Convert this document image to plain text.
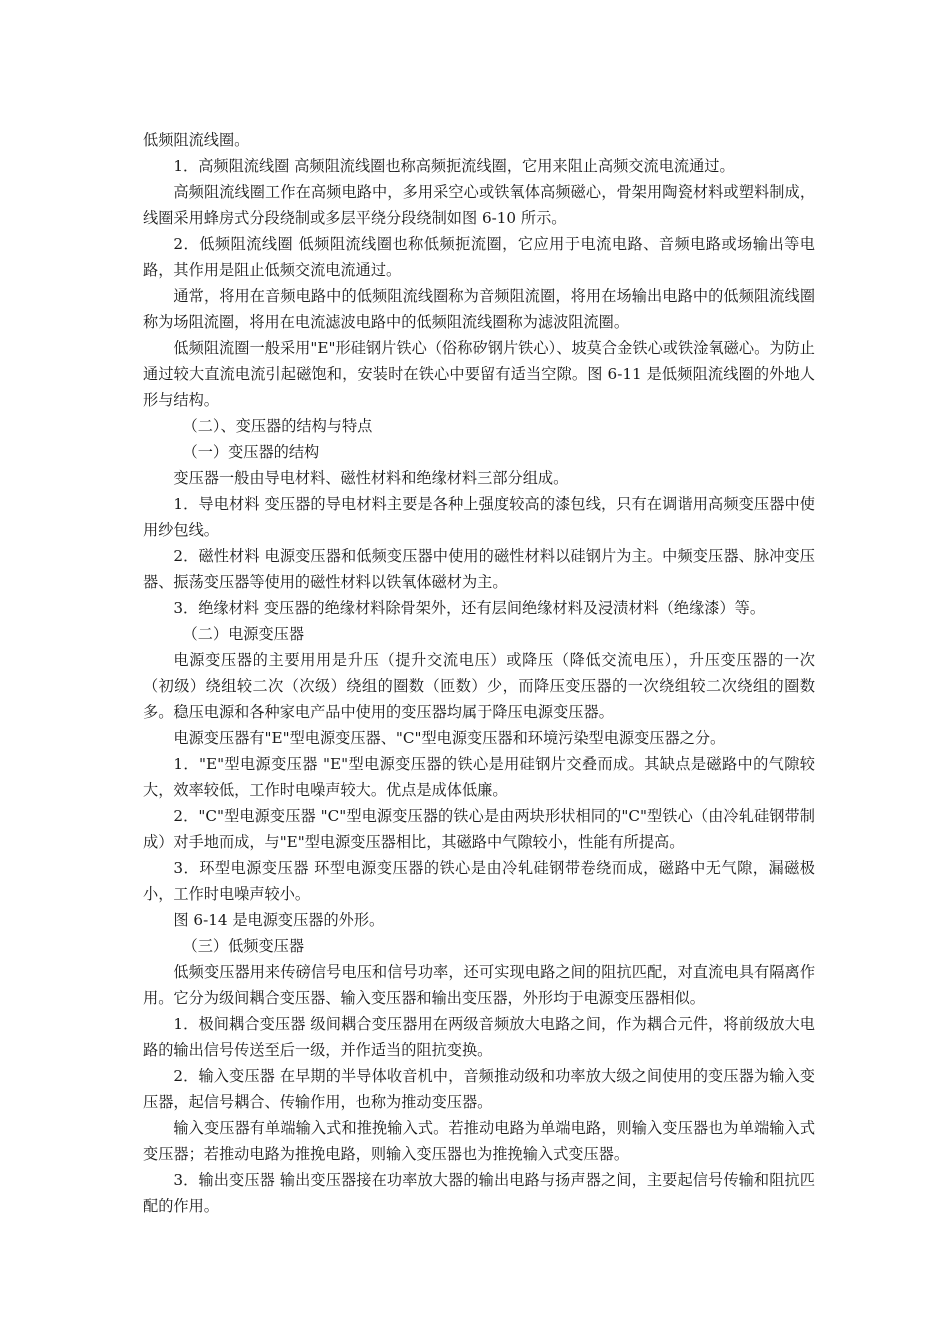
低频阻流线圈。

1．高频阻流线圈 高频阻流线圈也称高频扼流线圈，它用来阻止高频交流电流通过。

高频阻流线圈工作在高频电路中，多用采空心或铁氧体高频磁心，骨架用陶瓷材料或塑料制成，线圈采用蜂房式分段绕制或多层平绕分段绕制如图 6-10 所示。

2．低频阻流线圈 低频阻流线圈也称低频扼流圈，它应用于电流电路、音频电路或场输出等电路，其作用是阻止低频交流电流通过。

通常，将用在音频电路中的低频阻流线圈称为音频阻流圈，将用在场输出电路中的低频阻流线圈称为场阻流圈，将用在电流滤波电路中的低频阻流线圈称为滤波阻流圈。

低频阻流圈一般采用"E"形硅钢片铁心（俗称矽钢片铁心）、坡莫合金铁心或铁淦氧磁心。为防止通过较大直流电流引起磁饱和，安装时在铁心中要留有适当空隙。图 6-11 是低频阻流线圈的外地人形与结构。

（二）、变压器的结构与特点

（一）变压器的结构

变压器一般由导电材料、磁性材料和绝缘材料三部分组成。

1．导电材料 变压器的导电材料主要是各种上强度较高的漆包线，只有在调谐用高频变压器中使用纱包线。

2．磁性材料 电源变压器和低频变压器中使用的磁性材料以硅钢片为主。中频变压器、脉冲变压器、振荡变压器等使用的磁性材料以铁氧体磁材为主。

3．绝缘材料 变压器的绝缘材料除骨架外，还有层间绝缘材料及浸渍材料（绝缘漆）等。

（二）电源变压器

电源变压器的主要用用是升压（提升交流电压）或降压（降低交流电压），升压变压器的一次（初级）绕组较二次（次级）绕组的圈数（匝数）少，而降压变压器的一次绕组较二次绕组的圈数多。稳压电源和各种家电产品中使用的变压器均属于降压电源变压器。

电源变压器有"E"型电源变压器、"C"型电源变压器和环境污染型电源变压器之分。

1．"E"型电源变压器 "E"型电源变压器的铁心是用硅钢片交叠而成。其缺点是磁路中的气隙较大，效率较低，工作时电噪声较大。优点是成体低廉。

2．"C"型电源变压器 "C"型电源变压器的铁心是由两块形状相同的"C"型铁心（由冷轧硅钢带制成）对手地而成，与"E"型电源变压器相比，其磁路中气隙较小，性能有所提高。

3．环型电源变压器 环型电源变压器的铁心是由冷轧硅钢带卷绕而成，磁路中无气隙，漏磁极小，工作时电噪声较小。

图 6-14 是电源变压器的外形。

（三）低频变压器

低频变压器用来传磅信号电压和信号功率，还可实现电路之间的阻抗匹配，对直流电具有隔离作用。它分为级间耦合变压器、输入变压器和输出变压器，外形均于电源变压器相似。

1．极间耦合变压器 级间耦合变压器用在两级音频放大电路之间，作为耦合元件，将前级放大电路的输出信号传送至后一级，并作适当的阻抗变换。

2．输入变压器 在早期的半导体收音机中，音频推动级和功率放大级之间使用的变压器为输入变压器，起信号耦合、传输作用，也称为推动变压器。

输入变压器有单端输入式和推挽输入式。若推动电路为单端电路，则输入变压器也为单端输入式变压器；若推动电路为推挽电路，则输入变压器也为推挽输入式变压器。

3．输出变压器 输出变压器接在功率放大器的输出电路与扬声器之间，主要起信号传输和阻抗匹配的作用。
